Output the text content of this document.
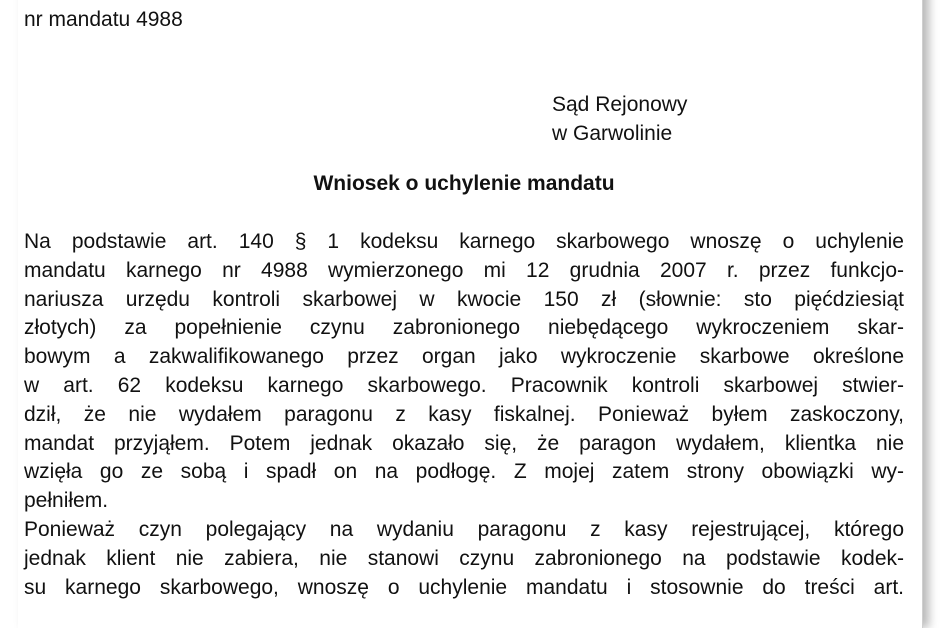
nr mandatu 4988

Sąd Rejonowy
w Garwolinie

Wniosek o uchylenie mandatu

Na podstawie art. 140 § 1 kodeksu karnego skarbowego wnoszę o uchylenie
mandatu karnego nr 4988 wymierzonego mi 12 grudnia 2007 r. przez funkcjo-
nariusza urzędu kontroli skarbowej w kwocie 150 zł (słownie: sto pięćdziesiąt
złotych) za popełnienie czynu zabronionego niebędącego wykroczeniem skar-
bowym a zakwalifikowanego przez organ jako wykroczenie skarbowe określone
w art. 62 kodeksu karnego skarbowego. Pracownik kontroli skarbowej stwier-
dził, że nie wydałem paragonu z kasy fiskalnej. Ponieważ byłem zaskoczony,
mandat przyjąłem. Potem jednak okazało się, że paragon wydałem, klientka nie
wzięła go ze sobą i spadł on na podłogę. Z mojej zatem strony obowiązki wy-
pełniłem.
Ponieważ czyn polegający na wydaniu paragonu z kasy rejestrującej, którego
jednak klient nie zabiera, nie stanowi czynu zabronionego na podstawie kodek-
su karnego skarbowego, wnoszę o uchylenie mandatu i stosownie do treści art.
